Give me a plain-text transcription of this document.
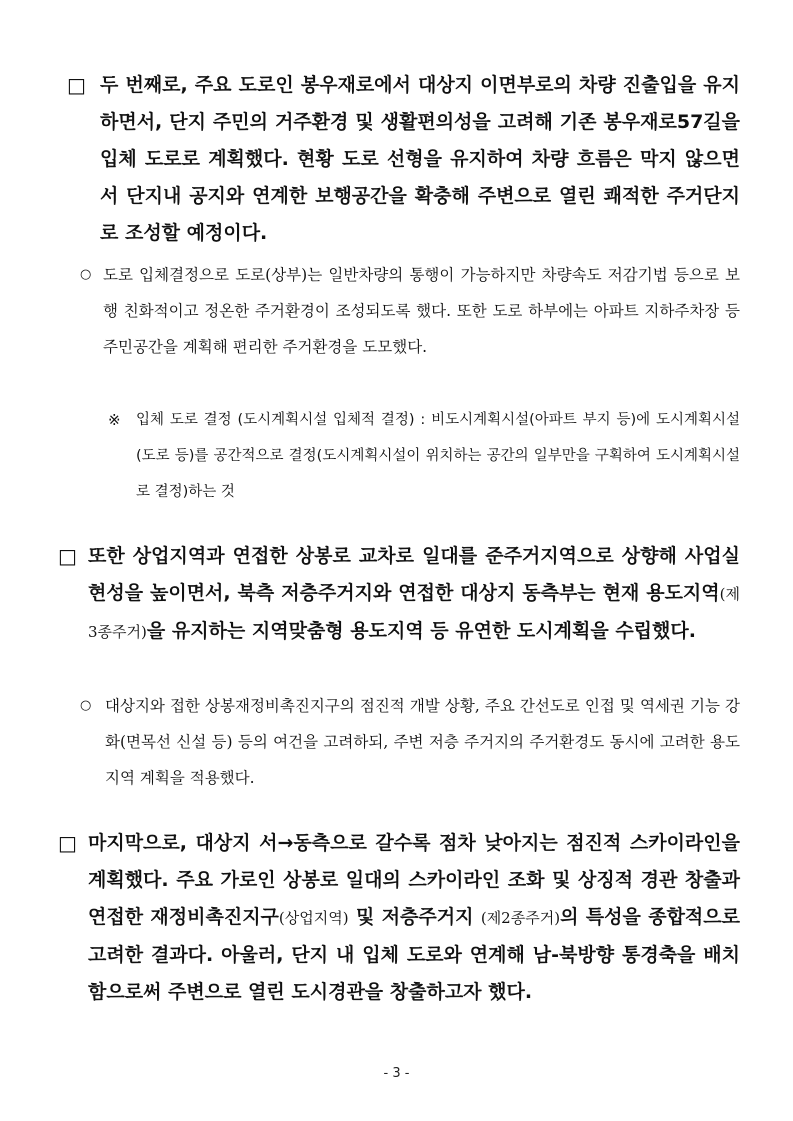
□ 두 번째로, 주요 도로인 봉우재로에서 대상지 이면부로의 차량 진출입을 유지하면서, 단지 주민의 거주환경 및 생활편의성을 고려해 기존 봉우재로57길을 입체 도로로 계획했다. 현황 도로 선형을 유지하여 차량 흐름은 막지 않으면서 단지내 공지와 연계한 보행공간을 확충해 주변으로 열린 쾌적한 주거단지로 조성할 예정이다.

○ 도로 입체결정으로 도로(상부)는 일반차량의 통행이 가능하지만 차량속도 저감기법 등으로 보행 친화적이고 정온한 주거환경이 조성되도록 했다. 또한 도로 하부에는 아파트 지하주차장 등 주민공간을 계획해 편리한 주거환경을 도모했다.

※	입체 도로 결정 (도시계획시설 입체적 결정) : 비도시계획시설(아파트 부지 등)에 도시계획시설(도로 등)를 공간적으로 결정(도시계획시설이 위치하는 공간의 일부만을 구획하여 도시계획시설로 결정)하는 것

□ 또한 상업지역과 연접한 상봉로 교차로 일대를 준주거지역으로 상향해 사업실현성을 높이면서, 북측 저층주거지와 연접한 대상지 동측부는 현재 용도지역(제3종주거)을 유지하는 지역맞춤형 용도지역 등 유연한 도시계획을 수립했다.

○ 대상지와 접한 상봉재정비촉진지구의 점진적 개발 상황, 주요 간선도로 인접 및 역세권 기능 강화(면목선 신설 등) 등의 여건을 고려하되, 주변 저층 주거지의 주거환경도 동시에 고려한 용도지역 계획을 적용했다.

□ 마지막으로, 대상지 서→동측으로 갈수록 점차 낮아지는 점진적 스카이라인을 계획했다. 주요 가로인 상봉로 일대의 스카이라인 조화 및 상징적 경관 창출과 연접한 재정비촉진지구(상업지역) 및 저층주거지 (제2종주거)의 특성을 종합적으로 고려한 결과다. 아울러, 단지 내 입체 도로와 연계해 남-북방향 통경축을 배치함으로써 주변으로 열린 도시경관을 창출하고자 했다.

- 3 -
